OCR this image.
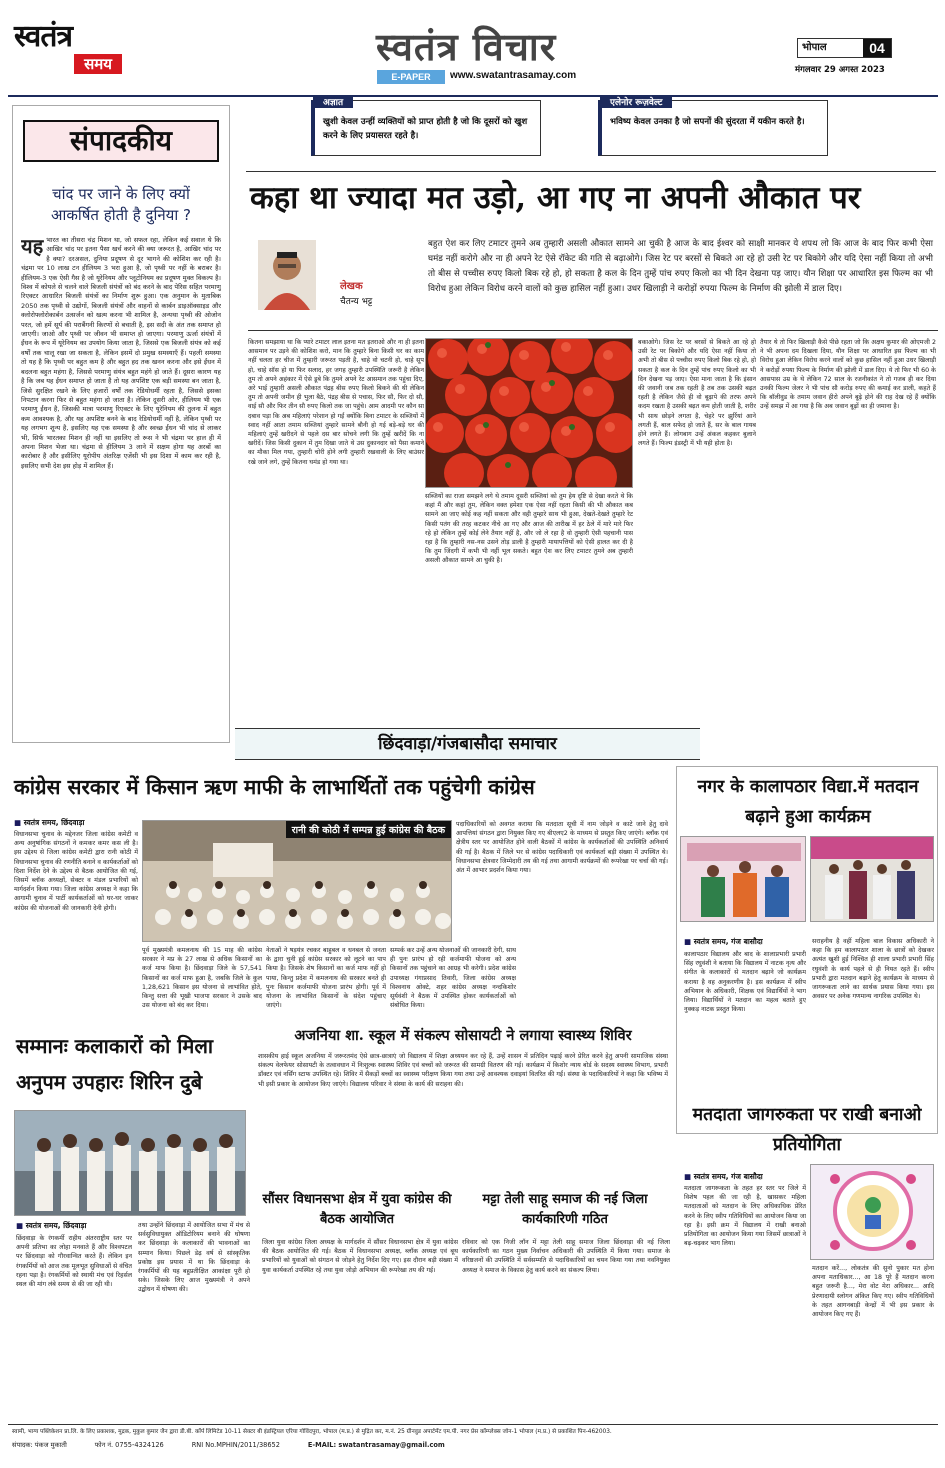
स्वतंत्र
समय	स्वतंत्र विचार
E-PAPER	www.swatantrasamay.com
भोपाल	04
मंगलवार 29 अगस्त 2023
संपादकीय
चांद पर जाने के लिए क्यों आकर्षित होती है दुनिया ?
यह भारत का तीसरा चंद्र मिशन था, जो सफल रहा, लेकिन कई सवाल थे कि आखिर चांद पर इतना पैसा खर्च करने की क्या जरूरत है, आखिर चांद पर है क्या? दरअसल, दुनिया प्रदूषण से दूर भागने की कोशिश कर रही है। चंद्रमा पर 10 लाख टन हीलियम 3 भरा हुआ है, जो पृथ्वी पर नहीं के बराबर है। हीलियम-3 एक ऐसी गैस है जो यूरेनियम और प्लूटोनियम का प्रदूषण मुक्त विकल्प है। विश्व में कोयले से चलने वाले बिजली संयंत्रों को बंद करने के बाद पेरिस सहित परमाणु रिएक्टर आधारित बिजली संयंत्रों का निर्माण शुरू हुआ। एक अनुमान के मुताबिक 2050 तक पृथ्वी से उद्योगों, बिजली संयंत्रों और वाहनों से कार्बन डाइऑक्साइड और क्लोरोफ्लोरोकार्बन उत्सर्जन को खत्म करना भी शामिल है, अन्यथा पृथ्वी की ओजोन परत, जो हमें सूर्य की पराबैंगनी किरणों से बचाती है, इस सदी के अंत तक समाप्त हो जाएगी। जाओ और पृथ्वी पर जीवन भी समाप्त हो जाएगा। परमाणु ऊर्जा संयंत्रों में ईंधन के रूप में यूरेनियम का उपयोग किया जाता है, जिससे एक बिजली संयंत्र को कई वर्षों तक चालू रखा जा सकता है, लेकिन इसमें दो प्रमुख समस्याएँ हैं। पहली समस्या तो यह है कि पृथ्वी पर बहुत कम है और बहुत हद तक खनन करना और इसे ईंधन में बदलना बहुत महंगा है, जिससे परमाणु संयंत्र बहुत महंगे हो जाते हैं। दूसरा कारण यह है कि जब यह ईंधन समाप्त हो जाता है तो यह अपशिष्ट एक बड़ी समस्या बन जाता है, जिसे सुरक्षित रखने के लिए हजारों वर्षों तक रेडियोधर्मी रहता है, जिससे इसका निपटान करना फिर से बहुत महंगा हो जाता है। लेकिन दूसरी ओर, हीलियम भी एक परमाणु ईंधन है, जिसकी मात्रा परमाणु रिएक्टर के लिए यूरेनियम की तुलना में बहुत कम आवश्यक है, और यह अपशिष्ट बनने के बाद रेडियोधर्मी नहीं है, लेकिन पृथ्वी पर यह लगभग शून्य है, इसलिए यह एक समस्या है और स्वच्छ ईंधन भी चांद से लाकर भी, सिर्फ भारतका मिशन ही नहीं था इसलिए तो रूस ने भी चंद्रमा पर हाल ही में अपना मिशन भेजा था। चंद्रमा से हीलियम 3 लाने में सक्षम होगा यह अरबों का कारोबार है और इसीलिए यूरोपीय अंतरिक्ष एजेंसी भी इस दिशा में काम कर रही है, इसलिए सभी देश इस होड़ में शामिल हैं।
अज्ञात
खुशी केवल उन्हीं व्यक्तियों को प्राप्त होती है जो कि दूसरों को खुश करने के लिए प्रयासरत रहते है।
एलेनोर रूज़वेल्ट
भविष्य केवल उनका है जो सपनों की सुंदरता में यकीन करते है।
कहा था ज्यादा मत उड़ो, आ गए ना अपनी औकात पर
लेखक
चैतन्य भट्ट
बहुत ऐश कर लिए टमाटर तुमने अब तुम्हारी असली औकात सामने आ चुकी है आज के बाद ईश्वर को साक्षी मानकर ये शपथ लो कि आज के बाद फिर कभी ऐसा घमंड नहीं करोगे और ना ही अपने रेट ऐसे रॉकेट की गति से बढ़ाओगे। जिस रेट पर बरसों से बिकते आ रहे हो उसी रेट पर बिकोगे और यदि ऐसा नहीं किया तो अभी तो बीस से पच्चीस रुपए किलो बिक रहे हो, हो सकता है कल के दिन तुम्हें पांच रुपए किलो का भी दिन देखना पड़ जाए। यौन शिक्षा पर आधारित इस फिल्म का भी विरोध हुआ लेकिन विरोध करने वालों को कुछ हासिल नहीं हुआ। उधर खिलाड़ी ने करोड़ों रुपया फिल्म के निर्माण की झोली में डाल दिए।
कितना समझाया था कि प्यारे टमाटर लाल इतना मत इतराओ और ना ही इतना आसमान पर उड़ने की कोशिश करो, मान कि तुम्हारे बिना किसी घर का काम नहीं चलता हर चीज में तुम्हारी जरूरत पड़ती है, चाहे वो चटनी हो, चाहे सूप हो, चाहे सॉस हो या फिर सलाद, हर जगह तुम्हारी उपस्थिति जरूरी है लेकिन तुम तो अपने अहंकार में ऐसे डूबे कि तुमने अपने रेट आसमान तक पहुंचा दिए, अरे भाई तुम्हारी असली औकात पंद्रह बीस रुपए किलो बिकने की थी लेकिन तुम तो अपनी जमीन ही भुला बैठे, पंद्रह बीस से पचास, फिर सौ, फिर दो सौ, वाई सौ और फिर तीन सौ रुपए किलो तक जा पहुंचे। आम आदमी पर कौन सा दबाव पड़ा कि अब महिलाएं परेशान हो गईं क्योंकि बिना टमाटर के सब्जियों में स्वाद नहीं आता तमाम सब्जियां तुम्हारे सामने बौनी हो गई बड़े-बड़े घर की महिलाएं तुम्हें खरीदने से पहले दस बार सोचने लगी कि तुम्हें खरीदें कि ना खरीदें। जिस किसी दुकान में तुम दिखा जाते थे उस दुकानदार को पैसा कमाने का मौका मिल गया, तुम्हारी चोरी होने लगी तुम्हारी रखवाली के लिए बाउंसर रखे जाने लगे, तुम्हें कितना घमंड हो गया था।
सब्जियों का राजा समझने लगे थे तमाम दूसरी सब्जियां को तुम हेय दृष्टि से देखा करते थे कि कहां मैं और कहां तुम, लेकिन वक्त हमेशा एक ऐसा नहीं रहता किसी की भी औकात कब सामने आ जाए कोई कह नहीं सकता और वही तुम्हारे साथ भी हुआ, देखते-देखते तुम्हारे रेट किसी पतंग की तरह कटकर नीचे आ गए और आज की तारीख में हर ठेले में मारे मारे फिर रहे हो लेकिन तुम्हें कोई लेने तैयार नहीं है, और जो ले रहा है वो तुम्हारी ऐसी पहचानी पास रहा है कि तुम्हारी नस-नस उसने तोड़ डाली है तुम्हारी मायापत्तियों को ऐसी हालत कर दी है कि तुम जिंदगी में कभी भी नहीं भूल सकते। बहुत ऐश कर लिए टमाटर तुमने अब तुम्हारी असली औकात सामने आ चुकी है।
बकाओगे। जिस रेट पर बरसों से बिकते आ रहे हो उसी रेट पर बिकोगे और यदि ऐसा नहीं किया तो अभी तो बीस से पच्चीस रुपए किलो बिक रहे हो, हो सकता है कल के दिन तुम्हें पांच रुपए किलो का भी दिन देखना पड़ जाए। ऐसा माना जाता है कि इंसान की जवानी जब तक रहती है तब तक उसकी बढ़त रहती है लेकिन जैसे ही वो बूढ़ापे की तरफ अपने कदम रखता है उसकी बढ़त कम होती जाती है, शरीर भी साथ छोड़ने लगता है, चेहरे पर झुर्रियां आने लगती हैं, बाल सफेद हो जाते हैं, सर के बाल गायब होने लगते हैं। लोगबाग उन्हें अंकल कहकर बुलाने लगते हैं। फिल्म इंडस्ट्री में भी यही होता है।
तैयार थे तो फिर खिलाड़ी कैसे पीछे रहता जो कि अक्षय कुमार की ओएमजी 2 ने भी अपना दम दिखला दिया, यौन शिक्षा पर आधारित इस फिल्म का भी विरोध हुआ लेकिन विरोध करने वालों को कुछ हासिल नहीं हुआ उधर खिलाड़ी ने करोड़ों रुपया फिल्म के निर्माण की झोली में डाल दिए। ये तो फिर भी 60 के आसपास उम्र के थे लेकिन 72 साल के रजनीकांत ने तो गजब ही कर दिया उनकी फिल्म जेलर ने भी पांच सौ करोड़ रुपए की कमाई कर डाली, कहते हैं कि बॉलीवुड के तमाम जवान हीरो अपने बूढ़े होने की राह देख रहे हैं क्योंकि उन्हें समझ में आ गया है कि अब जवान बूढ़ों का ही जमाना है।
छिंदवाड़ा/गंजबासौदा समाचार
कांग्रेस सरकार में किसान ऋण माफी के लाभार्थितों तक पहुंचेगी कांग्रेस
■ स्वतंत्र समय, छिंदवाड़ा
विधानसभा चुनाव के मद्देनजर जिला कांग्रेस कमेटी व अन्य अनुषांगिक संगठनों ने कमकर कमर कस ली है। इस उद्देश्य से जिला कांग्रेस कमेटी द्वारा रानी कोठी में विधानसभा चुनाव की रणनीति बनाने व कार्यकर्ताओं को दिशा निर्देश देने के उद्देश्य से बैठक आयोजित की गई, जिसमें ब्लॉक अध्यक्षों, सेक्टर व मंडल प्रभारियों को मार्गदर्शन किया गया। जिला कांग्रेस अध्यक्ष ने कहा कि आगामी चुनाव में पार्टी कार्यकर्ताओं को घर-घर जाकर कांग्रेस की योजनाओं की जानकारी देनी होगी।
रानी की कोठी में सम्पन्न हुई कांग्रेस की बैठक
पूर्व मुख्यमंत्री कमलनाथ की 15 माह की कांग्रेस सरकार ने मप्र के 27 लाख से अधिक किसानों का कर्ज माफ किया है। छिंदवाड़ा जिले के 57,541 किसानों का कर्ज माफ हुआ है, जबकि जिले के कुल 1,28,621 किसान इस योजना से लाभांवित होते, किन्तु सत्ता की भूखी भाजपा सरकार ने उसके बाद उस योजना को बंद कर दिया।
नेताओं ने षड़यंत्र रचकर बाहुबल व धनबल से जनता के द्वारा चुनी हुई कांग्रेस सरकार को लूटने का पाप किया है। जिसके शेष किसानों का कर्ज माफ नहीं हो पाया, किन्तु प्रदेश में कमलनाथ की सरकार बनते ही पुनः किसान कर्जमाफी योजना प्रारंभ होगी। पूर्व में योजना के लाभांवित किसानों के संदेश पहुंचाए जाएंगे।
सम्पर्क कर उन्हें अन्य योजनाओं की जानकारी देगी, साथ ही पुनः प्रारंभ हो रही कर्जमाफी योजना को अन्य किसानों तक पहुंचाने का आग्रह भी करेगी। प्रदेश कांग्रेस उपाध्यक्ष गंगाप्रसाद तिवारी, जिला कांग्रेस अध्यक्ष विश्वनाथ ओक्टे, शहर कांग्रेस अध्यक्ष नन्दकिशोर सूर्यवंशी ने बैठक में उपस्थित होकर कार्यकर्ताओं को संबोधित किया।
पदाधिकारियों को अवगत कराया कि मतदाता सूची में नाम जोड़ने व काटे जाने हेतु दावे आपत्तियां संगठन द्वारा नियुक्त किए गए बीएलए2 के माध्यम से प्रस्तुत किए जाएंगे। ब्लॉक एवं क्षेत्रीय स्तर पर आयोजित होने वाली बैठकों में कांग्रेस के कार्यकर्ताओं की उपस्थिति अनिवार्य की गई है। बैठक में जिले भर से कांग्रेस पदाधिकारी एवं कार्यकर्ता बड़ी संख्या में उपस्थित थे। विधानसभा क्षेत्रवार जिम्मेदारी तय की गई तथा आगामी कार्यक्रमों की रूपरेखा पर चर्चा की गई। अंत में आभार प्रदर्शन किया गया।
नगर के कालापठार विद्या.में मतदान बढ़ाने हुआ कार्यक्रम
■ स्वतंत्र समय, गंज बासौदा
कालापठार विद्यालय और बाद के शालाप्रभारी प्रभारी सिंह रघुवंशी ने बताया कि विद्यालय में नाटक नृत्य और संगीत के कलाकारों से मतदान बढ़ाने जो कार्यक्रम कराया है वह अनुकरणीय है। इस कार्यक्रम में स्वीप अभियान के अधिकारी, शिक्षक एवं विद्यार्थियों ने भाग लिया। विद्यार्थियों ने मतदान का महत्व बताते हुए नुक्कड़ नाटक प्रस्तुत किया।
सराहनीय है वहीं महिला बाल विकास अधिकारी ने कहा कि हम कालापठार शाला के छात्रों को देखकर अत्यंत खुशी हुई निश्चित ही शाला प्रभारी प्रभारी सिंह रघुवंशी के कार्य पहले से ही नियत रहते हैं। स्वीप प्रभारी द्वारा मतदान बढ़ाने हेतु कार्यक्रम के माध्यम से जागरूकता लाने का सार्थक प्रयास किया गया। इस अवसर पर अनेक गणमान्य नागरिक उपस्थित थे।
सम्मानः कलाकारों को मिला अनुपम उपहारः शिरिन दुबे
■ स्वतंत्र समय, छिंदवाड़ा
छिंदवाड़ा के रंगकर्मी राहीय अंतरराष्ट्रीय स्तर पर अपनी प्रतिभा का लोहा मनवाते हैं और विश्वपटल पर छिंदवाड़ा को गौरवान्वित करते हैं। लेकिन इन रंगकर्मियों को आज तक मूलभूत सुविधाओं से वंचित रहना पड़ा है। रंगकर्मियों को स्थायी मंच एवं रिहर्सल स्थल की मांग लंबे समय से की जा रही थी।
तथा उन्होंने छिंदवाड़ा में आयोजित सभा में मंच से सर्वसुविधायुक्त ऑडिटोरियम बनाने की घोषणा कर छिंदवाड़ा के कलाकारों की भावनाओं का सम्मान किया। पिछले डेढ़ वर्ष से सांस्कृतिक प्रकोष्ठ इस प्रयास में था कि छिंदवाड़ा के रंगकर्मियों की यह बहुप्रतीक्षित आकांक्षा पूरी हो सके। जिसके लिए आज मुख्यमंत्री ने अपने उद्बोधन में घोषणा की।
अजनिया शा. स्कूल में संकल्प सोसायटी ने लगाया स्वास्थ्य शिविर
शासकीय हाई स्कूल अजनिया में जरूरतमंद ऐसे छात्र-छात्राएं जो विद्यालय में शिक्षा अध्ययन कर रहे हैं, उन्हें शासन में प्रतिदिन पढ़ाई करने प्रेरित करने हेतु अपनी सामाजिक संस्था संकल्प वेलफेयर सोसायटी के तत्वावधान में निःशुल्क स्वास्थ्य शिविर एवं बच्चों को जरूरत की सामग्री वितरण की गई। कार्यक्रम में किशोर न्याय बोर्ड के सदस्य स्वास्थ्य विभाग, प्रभारी डॉक्टर एवं नर्सिंग स्टाफ उपस्थित रहे। शिविर में सैकड़ों बच्चों का स्वास्थ्य परीक्षण किया गया तथा उन्हें आवश्यक दवाइयां वितरित की गईं। संस्था के पदाधिकारियों ने कहा कि भविष्य में भी इसी प्रकार के आयोजन किए जाएंगे। विद्यालय परिवार ने संस्था के कार्य की सराहना की।
सौंसर विधानसभा क्षेत्र में युवा कांग्रेस की बैठक आयोजित
जिला युवा कांग्रेस जिला अध्यक्ष के मार्गदर्शन में सौंसर विधानसभा क्षेत्र में युवा कांग्रेस की बैठक आयोजित की गई। बैठक में विधानसभा अध्यक्ष, ब्लॉक अध्यक्ष एवं बूथ प्रभारियों को युवाओं को संगठन से जोड़ने हेतु निर्देश दिए गए। इस दौरान बड़ी संख्या में युवा कार्यकर्ता उपस्थित रहे तथा युवा जोड़ो अभियान की रूपरेखा तय की गई।
मट्टा तेली साहू समाज की नई जिला कार्यकारिणी गठित
रविवार को एक निजी लॉन में मट्टा तेली साहू समाज जिला छिंदवाड़ा की नई जिला कार्यकारिणी का गठन मुख्य निर्वाचन अधिकारी की उपस्थिति में किया गया। समाज के वरिष्ठजनों की उपस्थिति में सर्वसम्मति से पदाधिकारियों का चयन किया गया तथा नवनियुक्त अध्यक्ष ने समाज के विकास हेतु कार्य करने का संकल्प लिया।
मतदाता जागरुकता पर राखी बनाओ प्रतियोगिता
■ स्वतंत्र समय, गंज बासौदा
मतदाता जागरूकता के तहत हर स्तर पर जिले में विशेष पहल की जा रही है, खासकर महिला मतदाताओं को मतदान के लिए अधिकाधिक प्रेरित करने के लिए स्वीप गतिविधियों का आयोजन किया जा रहा है। इसी क्रम में विद्यालय में राखी बनाओ प्रतियोगिता का आयोजन किया गया जिसमें छात्राओं ने बढ़-चढ़कर भाग लिया।
मतदान करें..., लोकतंत्र की सुनो पुकार मत होना अपना मताधिकार..., आ 18 पूरे हैं मतदान करना बहुत जरूरी है..., मेरा वोट मेरा अधिकार... आदि प्रेरणादायी स्लोगन अंकित किए गए। स्वीप गतिविधियों के तहत आगनबाड़ी केन्द्रों में भी इस प्रकार के आयोजन किए गए हैं।
स्वामी, भाग्य पब्लिकेशन प्रा.लि. के लिए प्रकाशक, मुद्रक, मुकुल कुमार जैन द्वारा डी.बी. कॉर्प लिमिटेड 10-11 सेक्टर बी इंडस्ट्रियल एरिया गोविंदपुरा, भोपाल (म.प्र.) से मुद्रित कर, म.नं. 25 ग्रीनवुड अपार्टमेंट एम.पी. नगर प्रेस कॉम्प्लेक्स जोन-1 भोपाल (म.प्र.) से प्रकाशित पिन-462003.
संपादक: पंकज मुकाती	फोन नं. 0755-4324126	RNI No.MPHIN/2011/38652	E-MAIL: swatantrasamay@gmail.com
